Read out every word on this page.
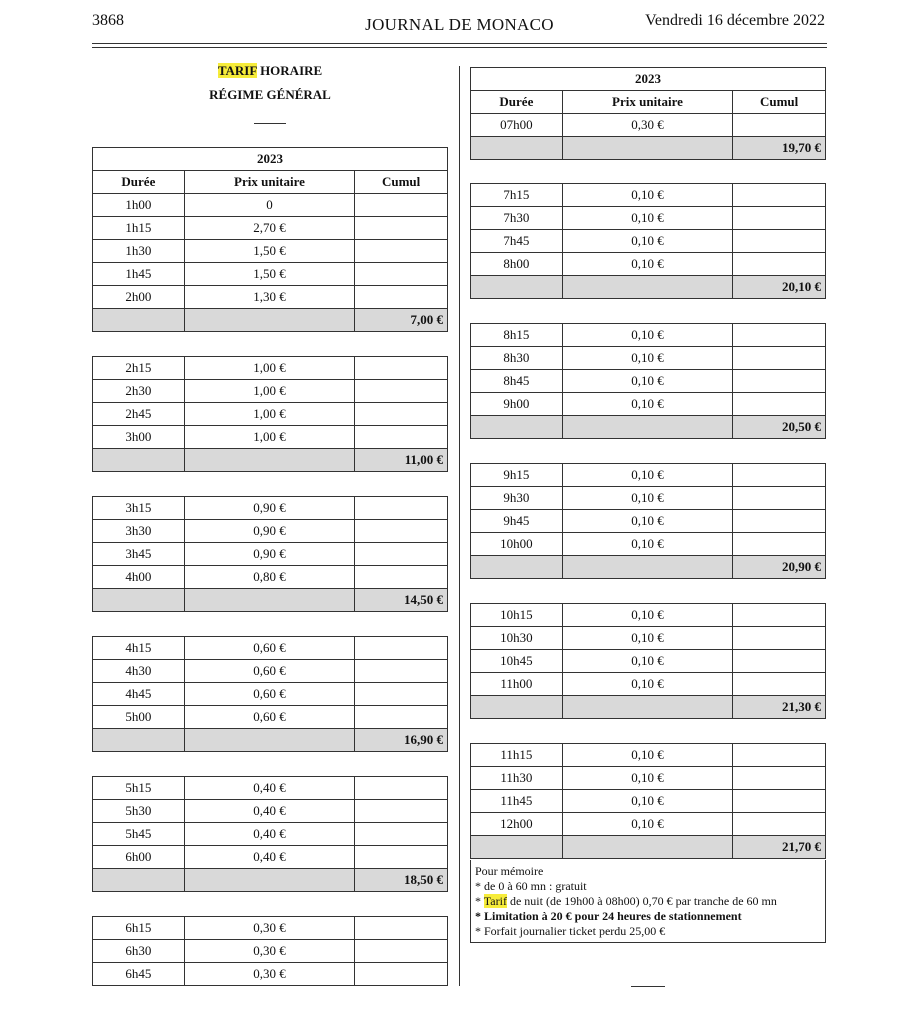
3868	JOURNAL DE MONACO	Vendredi 16 décembre 2022
TARIF HORAIRE
RÉGIME GÉNÉRAL
2023		
Durée	Prix unitaire	Cumul
1h00	0	
1h15	2,70 €	
1h30	1,50 €	
1h45	1,50 €	
2h00	1,30 €	
		7,00 €
2h15	1,00 €	
2h30	1,00 €	
2h45	1,00 €	
3h00	1,00 €	
		11,00 €
3h15	0,90 €	
3h30	0,90 €	
3h45	0,90 €	
4h00	0,80 €	
		14,50 €
4h15	0,60 €	
4h30	0,60 €	
4h45	0,60 €	
5h00	0,60 €	
		16,90 €
5h15	0,40 €	
5h30	0,40 €	
5h45	0,40 €	
6h00	0,40 €	
		18,50 €
6h15	0,30 €	
6h30	0,30 €	
6h45	0,30 €	
2023		
Durée	Prix unitaire	Cumul
07h00	0,30 €	
		19,70 €
7h15	0,10 €	
7h30	0,10 €	
7h45	0,10 €	
8h00	0,10 €	
		20,10 €
8h15	0,10 €	
8h30	0,10 €	
8h45	0,10 €	
9h00	0,10 €	
		20,50 €
9h15	0,10 €	
9h30	0,10 €	
9h45	0,10 €	
10h00	0,10 €	
		20,90 €
10h15	0,10 €	
10h30	0,10 €	
10h45	0,10 €	
11h00	0,10 €	
		21,30 €
11h15	0,10 €	
11h30	0,10 €	
11h45	0,10 €	
12h00	0,10 €	
		21,70 €
Pour mémoire
* de 0 à 60 mn : gratuit
* Tarif de nuit (de 19h00 à 08h00) 0,70 € par tranche de 60 mn
* Limitation à 20 € pour 24 heures de stationnement
* Forfait journalier ticket perdu 25,00 €
